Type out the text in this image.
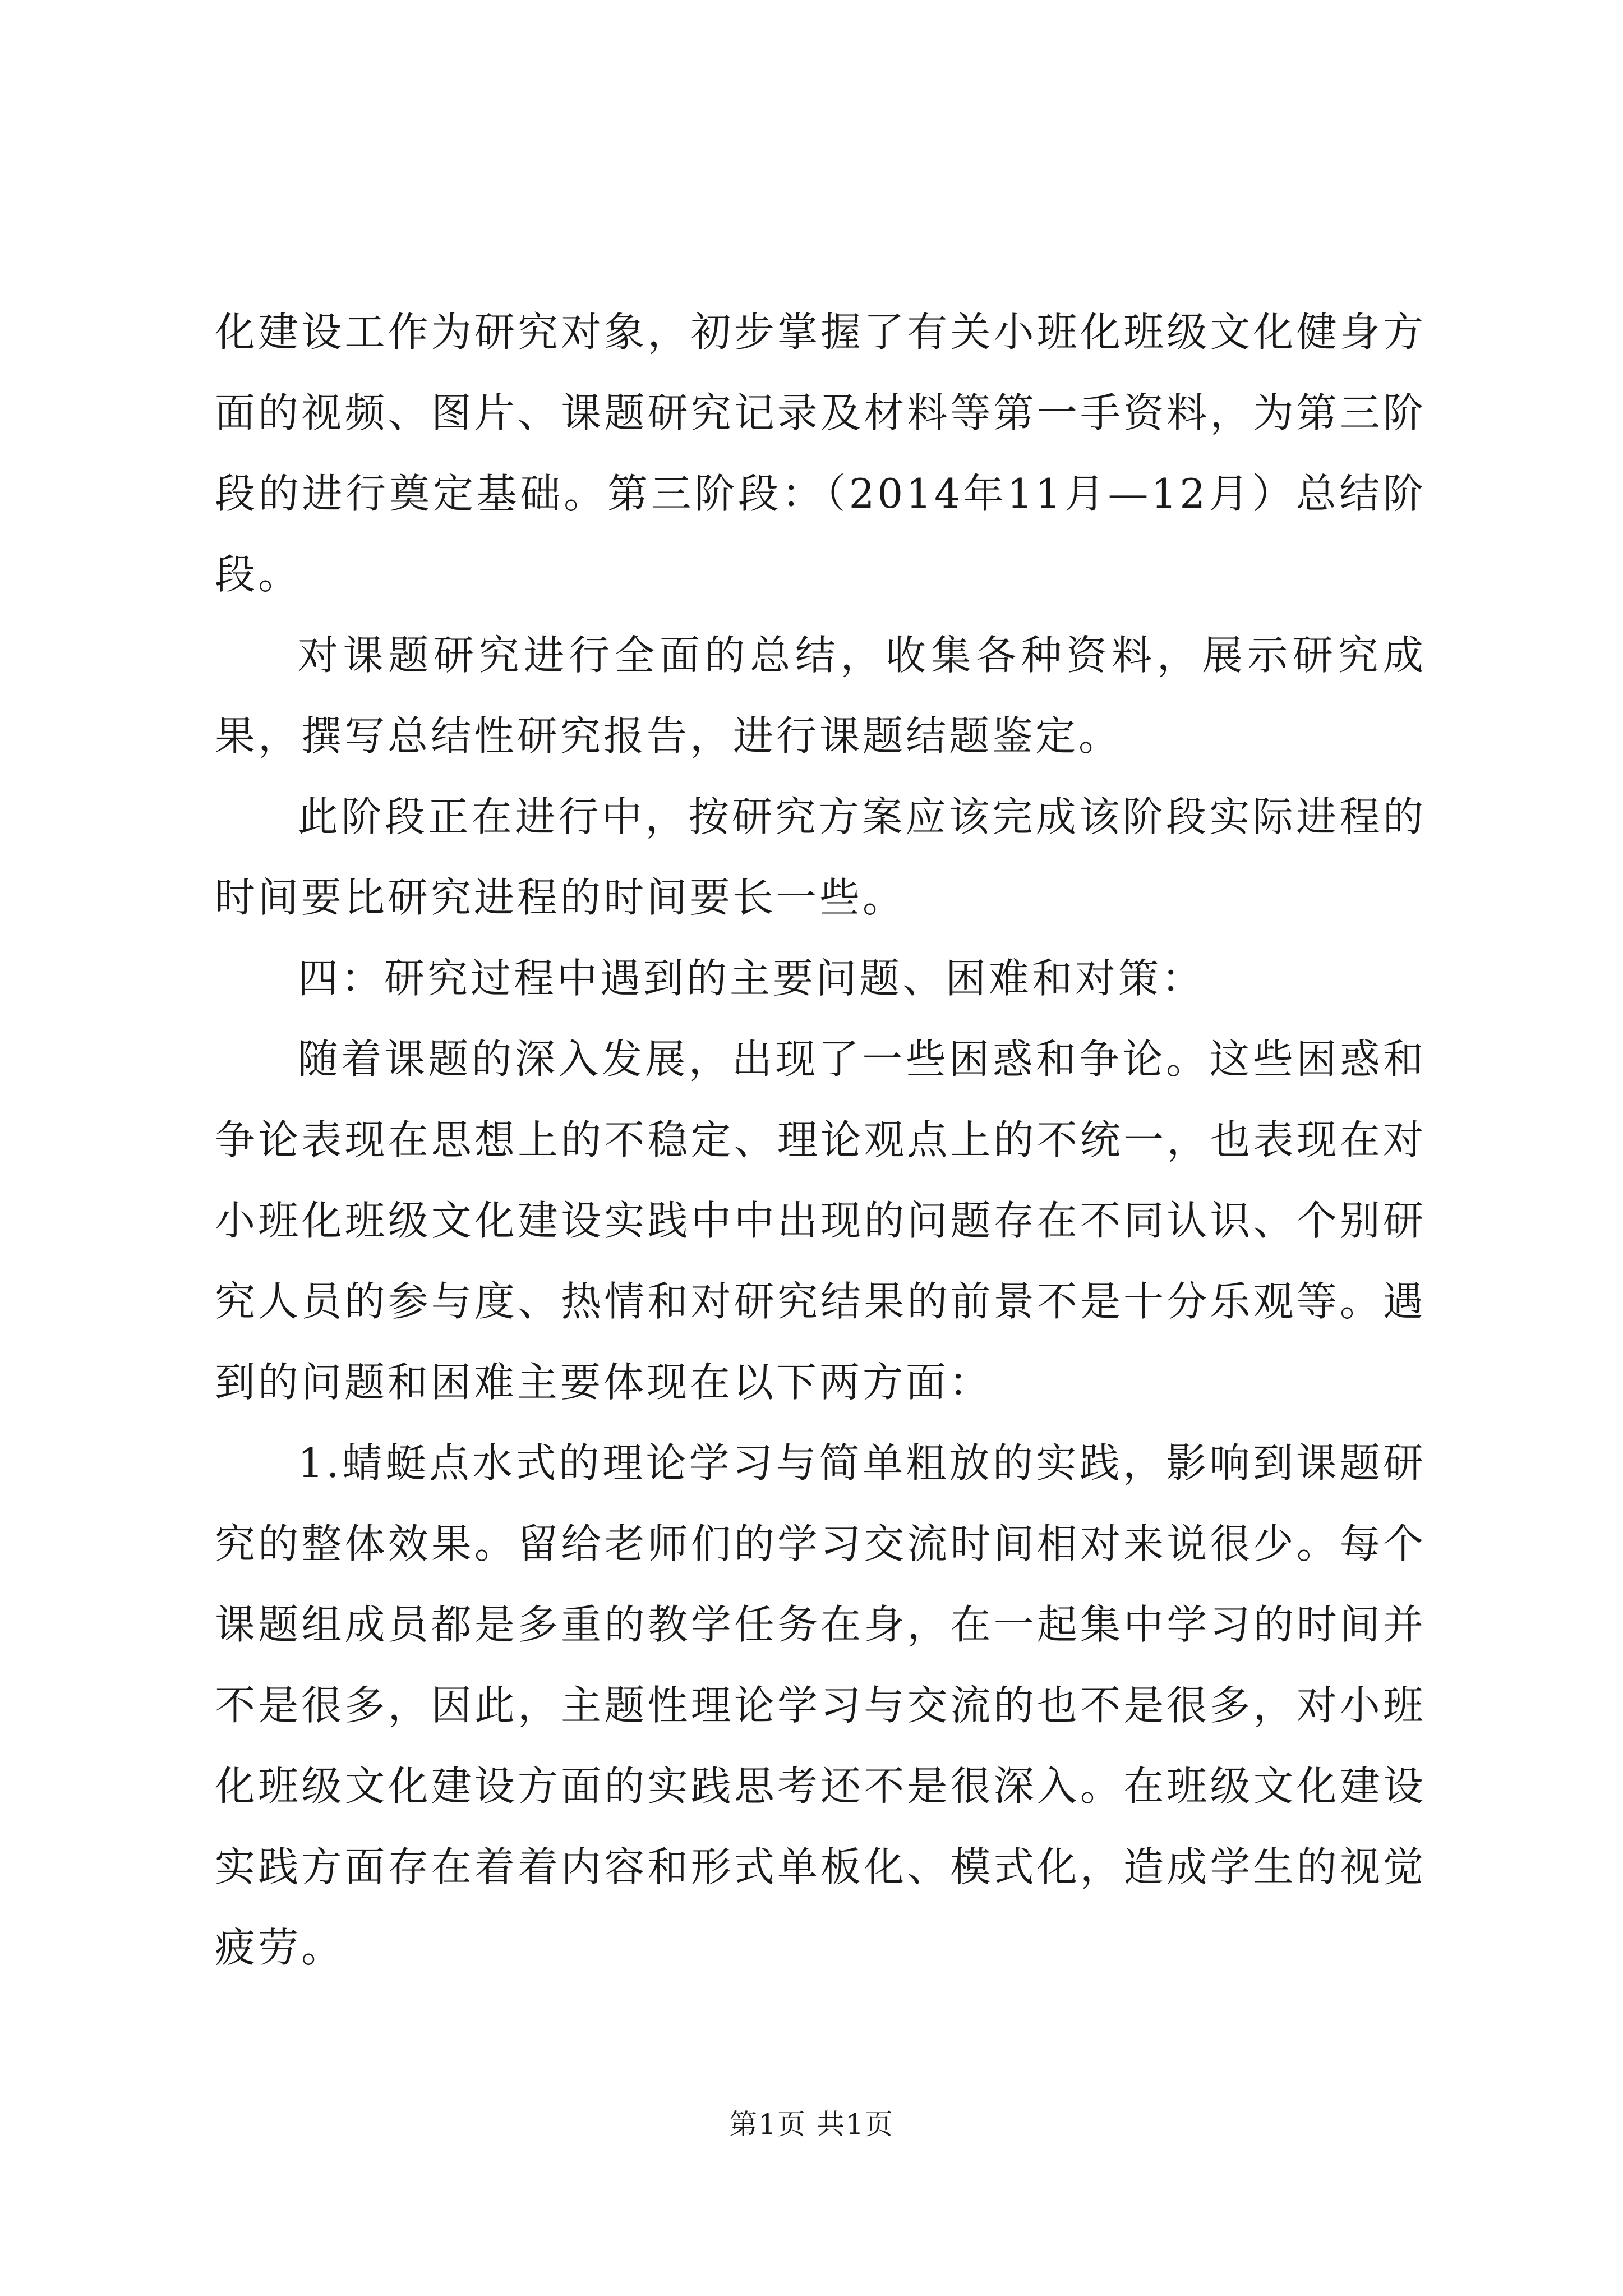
化建设工作为研究对象，初步掌握了有关小班化班级文化健身方面的视频、图片、课题研究记录及材料等第一手资料，为第三阶段的进行奠定基础。第三阶段：（2014年11月—12月）总结阶段。

对课题研究进行全面的总结，收集各种资料，展示研究成果，撰写总结性研究报告，进行课题结题鉴定。

此阶段正在进行中，按研究方案应该完成该阶段实际进程的时间要比研究进程的时间要长一些。

四：研究过程中遇到的主要问题、困难和对策：

随着课题的深入发展，出现了一些困惑和争论。这些困惑和争论表现在思想上的不稳定、理论观点上的不统一，也表现在对小班化班级文化建设实践中中出现的问题存在不同认识、个别研究人员的参与度、热情和对研究结果的前景不是十分乐观等。遇到的问题和困难主要体现在以下两方面：

1.蜻蜓点水式的理论学习与简单粗放的实践，影响到课题研究的整体效果。留给老师们的学习交流时间相对来说很少。每个课题组成员都是多重的教学任务在身，在一起集中学习的时间并不是很多，因此，主题性理论学习与交流的也不是很多，对小班化班级文化建设方面的实践思考还不是很深入。在班级文化建设实践方面存在着着内容和形式单板化、模式化，造成学生的视觉疲劳。

第1页 共1页
